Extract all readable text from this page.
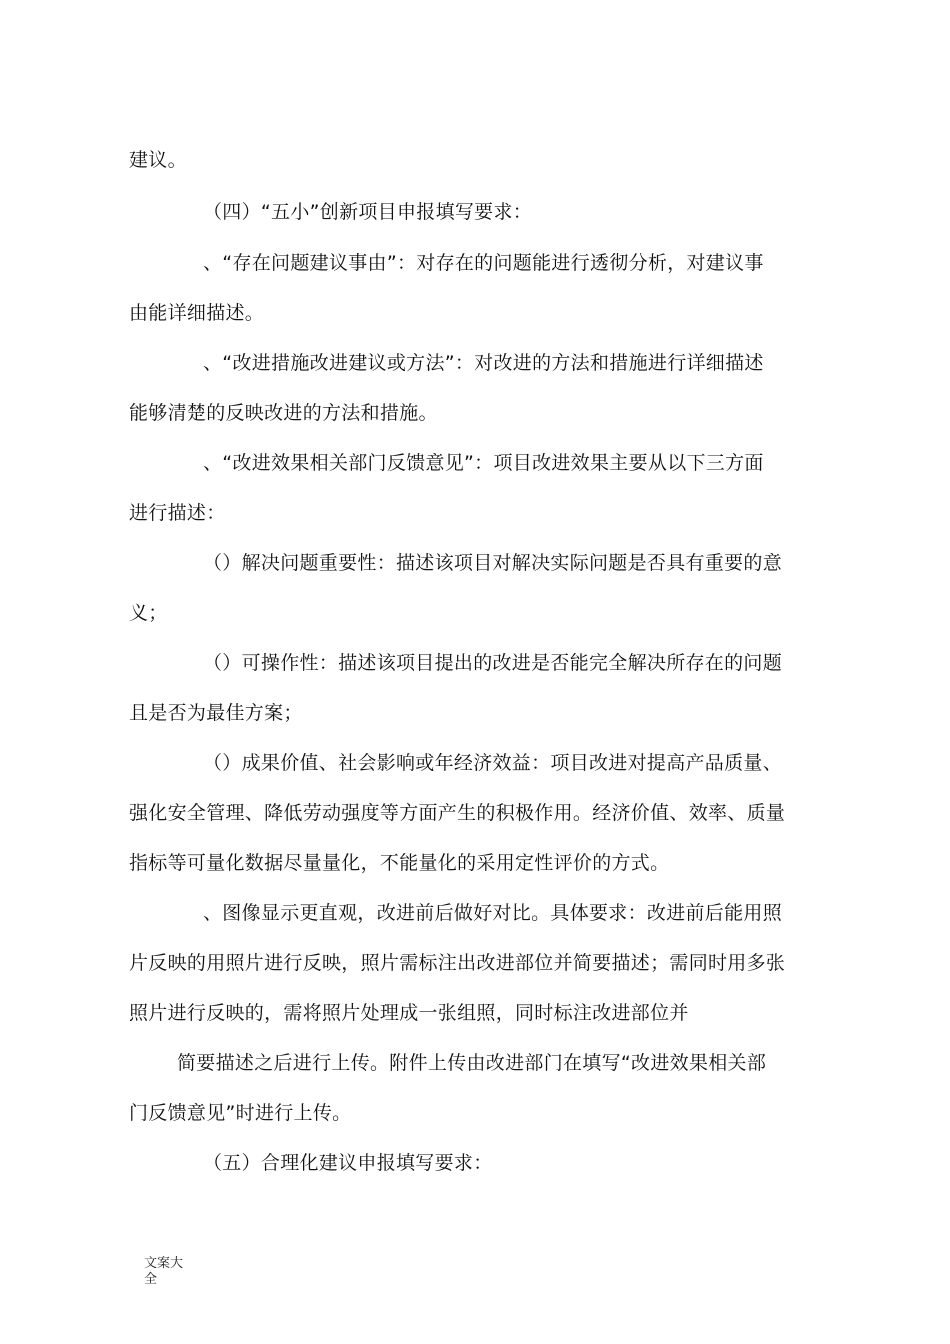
建议。
（四）“五小”创新项目申报填写要求：
、“存在问题建议事由”：对存在的问题能进行透彻分析，对建议事
由能详细描述。
、“改进措施改进建议或方法”：对改进的方法和措施进行详细描述
能够清楚的反映改进的方法和措施。
、“改进效果相关部门反馈意见”：项目改进效果主要从以下三方面
进行描述：
（）解决问题重要性：描述该项目对解决实际问题是否具有重要的意
义；
（）可操作性：描述该项目提出的改进是否能完全解决所存在的问题
且是否为最佳方案；
（）成果价值、社会影响或年经济效益：项目改进对提高产品质量、
强化安全管理、降低劳动强度等方面产生的积极作用。经济价值、效率、质量
指标等可量化数据尽量量化，不能量化的采用定性评价的方式。
、图像显示更直观，改进前后做好对比。具体要求：改进前后能用照
片反映的用照片进行反映，照片需标注出改进部位并简要描述；需同时用多张
照片进行反映的，需将照片处理成一张组照，同时标注改进部位并
简要描述之后进行上传。附件上传由改进部门在填写“改进效果相关部
门反馈意见”时进行上传。
（五）合理化建议申报填写要求：
文案大全
